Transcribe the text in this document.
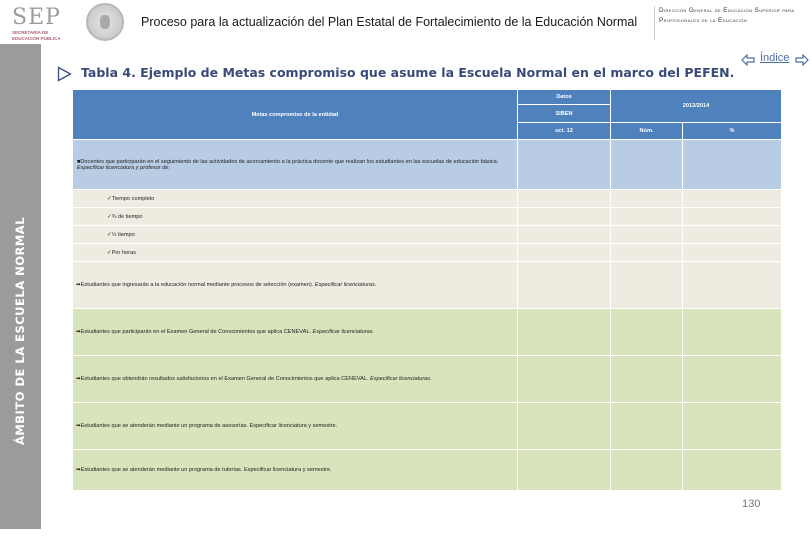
SEP
SECRETARÍA DE EDUCACIÓN PÚBLICA
Proceso para la actualización del Plan Estatal de Fortalecimiento de la Educación Normal
Dirección General de Educación Superior para Profesionales de la Educación
ÁMBITO DE LA ESCUELA NORMAL
Índice
Tabla 4. Ejemplo de Metas compromiso que asume la Escuela Normal en el marco del PEFEN.
Metas compromiso de la entidad	Datos	2013/2014	
	SIBEN		
	oct. 12	Núm.	%
■Docentes que participarán en el seguimiento de las actividades de acercamiento a la práctica docente que realizan los estudiantes en las escuelas de educación básica. Especificar licenciatura y profesor de:			
✓Tiempo completo			
✓¾ de tiempo			
✓½ tiempo			
✓Por horas			
➡Estudiantes que ingresarán a la educación normal mediante procesos de selección (examen). Especificar licenciaturas.			
➡Estudiantes que participarán en el Examen General de Conocimientos que aplica CENEVAL. Especificar licenciaturas.			
➡Estudiantes que obtendrán resultados satisfactorios en el Examen General de Conocimientos que aplica CENEVAL. Especificar licenciaturas.			
➡Estudiantes que se atenderán mediante un programa de asesorías. Especificar licenciatura y semestre.			
➡Estudiantes que se atenderán mediante un programa de tutorías. Especificar licenciatura y semestre.			
130
